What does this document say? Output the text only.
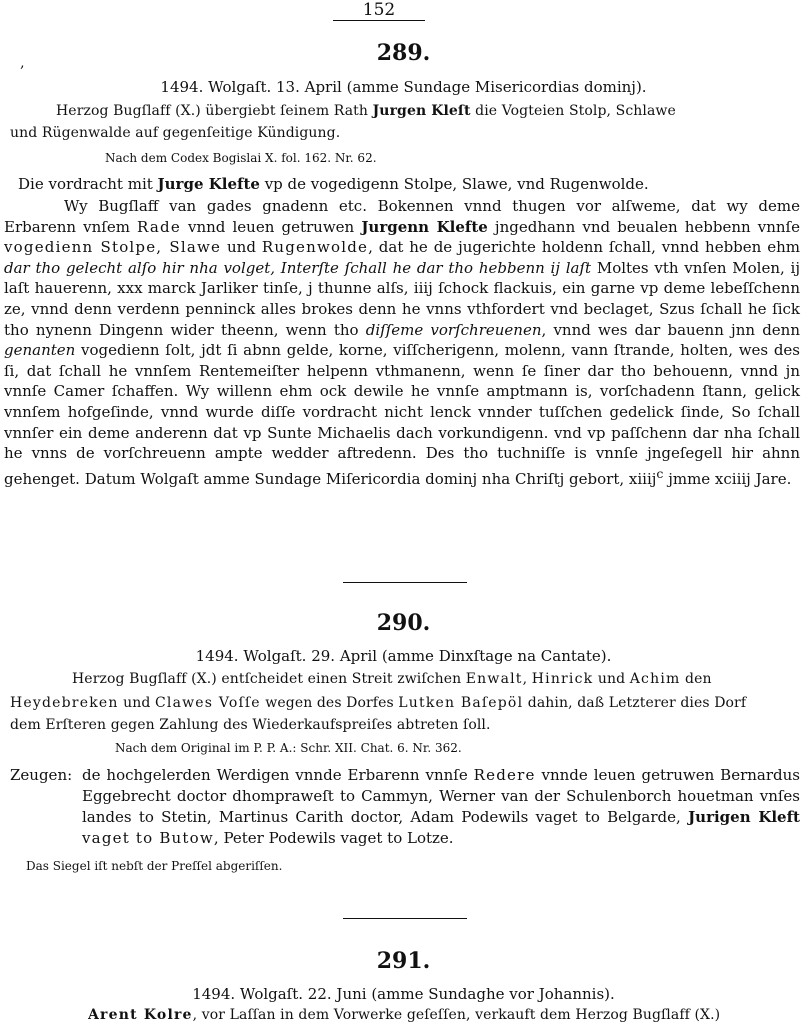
152
‚	289.
1494. Wolgaſt. 13. April (amme Sundage Misericordias dominj).
Herzog Bugſlaff (X.) übergiebt ſeinem Rath Jurgen Kleſt die Vogteien Stolp, Schlawe
und Rügenwalde auf gegenſeitige Kündigung.
Nach dem Codex Bogislai X. fol. 162. Nr. 62.
Die vordracht mit Jurge Klefte vp de vogedigenn Stolpe, Slawe, vnd Rugenwolde.

Wy Bugſlaff van gades gnadenn etc. Bokennen vnnd thugen vor alſweme, dat wy deme Erbarenn vnſem Rade vnnd leuen getruwen Jurgenn Klefte jngedhann vnd beualen hebbenn vnnſe vogedienn Stolpe, Slawe und Rugenwolde, dat he de jugerichte holdenn ſchall, vnnd hebben ehm dar tho gelecht alſo hir nha volget, Interſte ſchall he dar tho hebbenn ij laſt Moltes vth vnſen Molen, ij laſt hauerenn, xxx marck Jarliker tinſe, j thunne alſs, iiij ſchock flackuis, ein garne vp deme lebeſſchenn ze, vnnd denn verdenn penninck alles brokes denn he vnns vthfordert vnd beclaget, Szus ſchall he ſick tho nynenn Dingenn wider theenn, wenn tho diſſeme vorſchreuenen, vnnd wes dar bauenn jnn denn genanten vogedienn ſolt, jdt ſi abnn gelde, korne, viſſcherigenn, molenn, vann ſtrande, holten, wes des ſi, dat ſchall he vnnſem Rentemeiſter helpenn vthmanenn, wenn ſe ſiner dar tho behouenn, vnnd jn vnnſe Camer ſchaffen. Wy willenn ehm ock dewile he vnnſe amptmann is, vorſchadenn ſtann, gelick vnnſem hofgeſinde, vnnd wurde diſſe vordracht nicht lenck vnnder tuſſchen gedelick ſinde, So ſchall vnnſer ein deme anderenn dat vp Sunte Michaelis dach vorkundigenn. vnd vp paſſchenn dar nha ſchall he vnns de vorſchreuenn ampte wedder aftredenn. Des tho tuchniſſe is vnnſe jngeſegell hir ahnn gehenget. Datum Wolgaſt amme Sundage Miſericordia dominj nha Chriſtj gebort, xiiij$^c$ jmme xciiij Jare.

290.
1494. Wolgaſt. 29. April (amme Dinxſtage na Cantate).
Herzog Bugſlaff (X.) entſcheidet einen Streit zwiſchen Enwalt, Hinrick und Achim den
Heydebreken und Clawes Voſſe wegen des Dorfes Lutken Baſepöl dahin, daß Letzterer dies Dorf
dem Erſteren gegen Zahlung des Wiederkaufspreiſes abtreten ſoll.
Nach dem Original im P. P. A.: Schr. XII. Chat. 6. Nr. 362.
Zeugen: de hochgelerden Werdigen vnnde Erbarenn vnnſe Redere vnnde leuen getruwen Bernardus Eggebrecht doctor dhompraweſt to Cammyn, Werner van der Schulenborch houetman vnſes landes to Stetin, Martinus Carith doctor, Adam Podewils vaget to Belgarde, Jurigen Kleft vaget to Butow, Peter Podewils vaget to Lotze.
Das Siegel iſt nebſt der Preſſel abgeriſſen.
291.
1494. Wolgaſt. 22. Juni (amme Sundaghe vor Johannis).
Arent Kolre, vor Laſſan in dem Vorwerke geſeſſen, verkauft dem Herzog Bugſlaff (X.)
